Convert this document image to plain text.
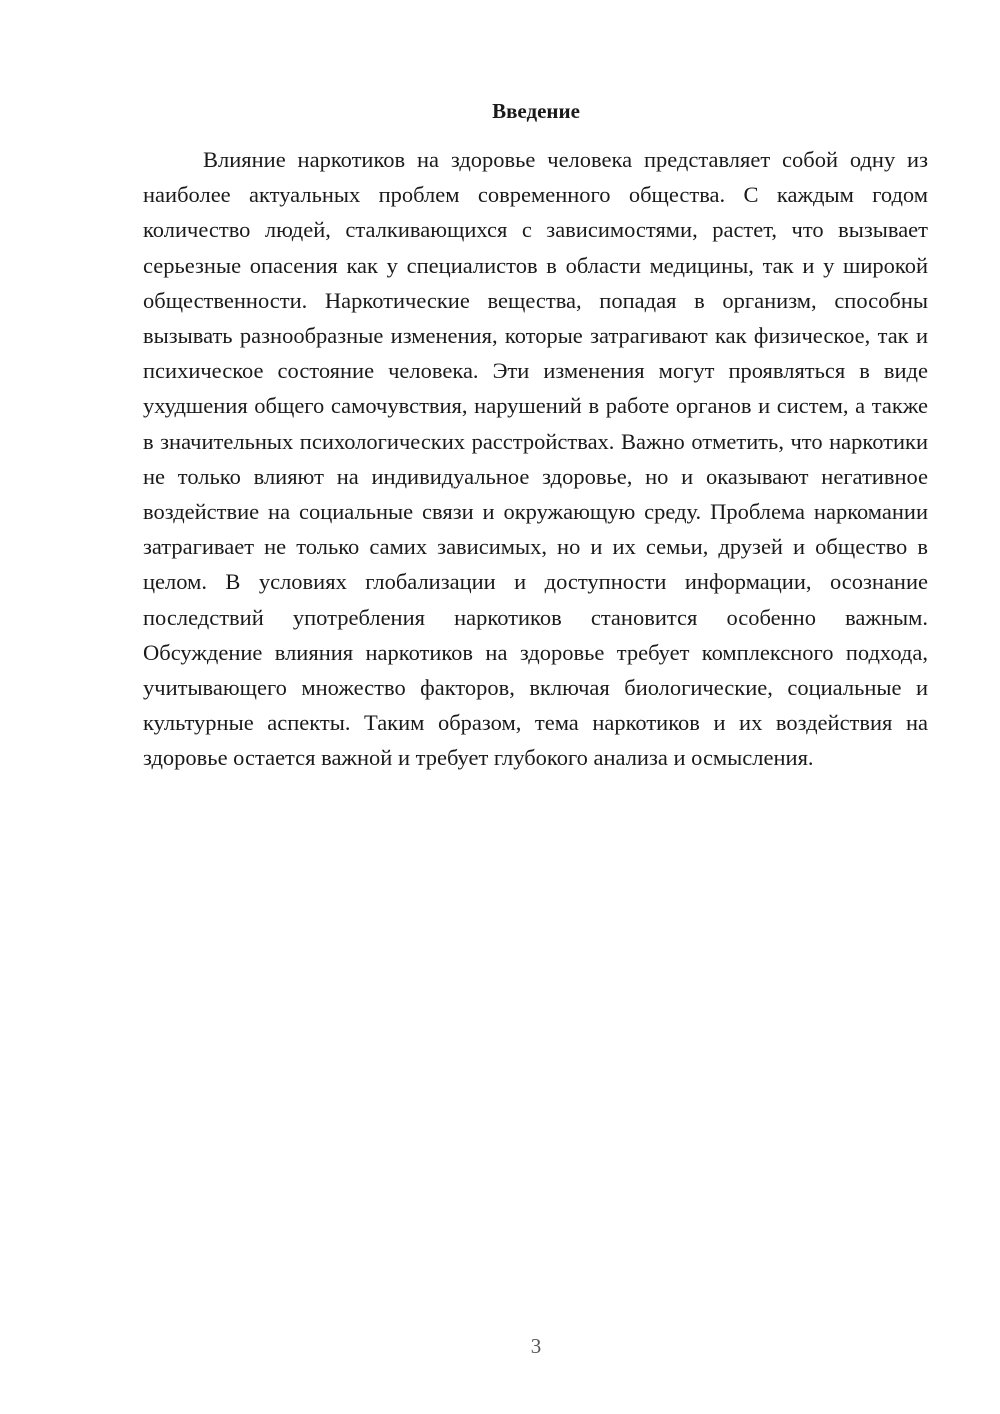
Введение

Влияние наркотиков на здоровье человека представляет собой одну из наиболее актуальных проблем современного общества. С каждым годом количество людей, сталкивающихся с зависимостями, растет, что вызывает серьезные опасения как у специалистов в области медицины, так и у широкой общественности. Наркотические вещества, попадая в организм, способны вызывать разнообразные изменения, которые затрагивают как физическое, так и психическое состояние человека. Эти изменения могут проявляться в виде ухудшения общего самочувствия, нарушений в работе органов и систем, а также в значительных психологических расстройствах. Важно отметить, что наркотики не только влияют на индивидуальное здоровье, но и оказывают негативное воздействие на социальные связи и окружающую среду. Проблема наркомании затрагивает не только самих зависимых, но и их семьи, друзей и общество в целом. В условиях глобализации и доступности информации, осознание последствий употребления наркотиков становится особенно важным. Обсуждение влияния наркотиков на здоровье требует комплексного подхода, учитывающего множество факторов, включая биологические, социальные и культурные аспекты. Таким образом, тема наркотиков и их воздействия на здоровье остается важной и требует глубокого анализа и осмысления.

3
